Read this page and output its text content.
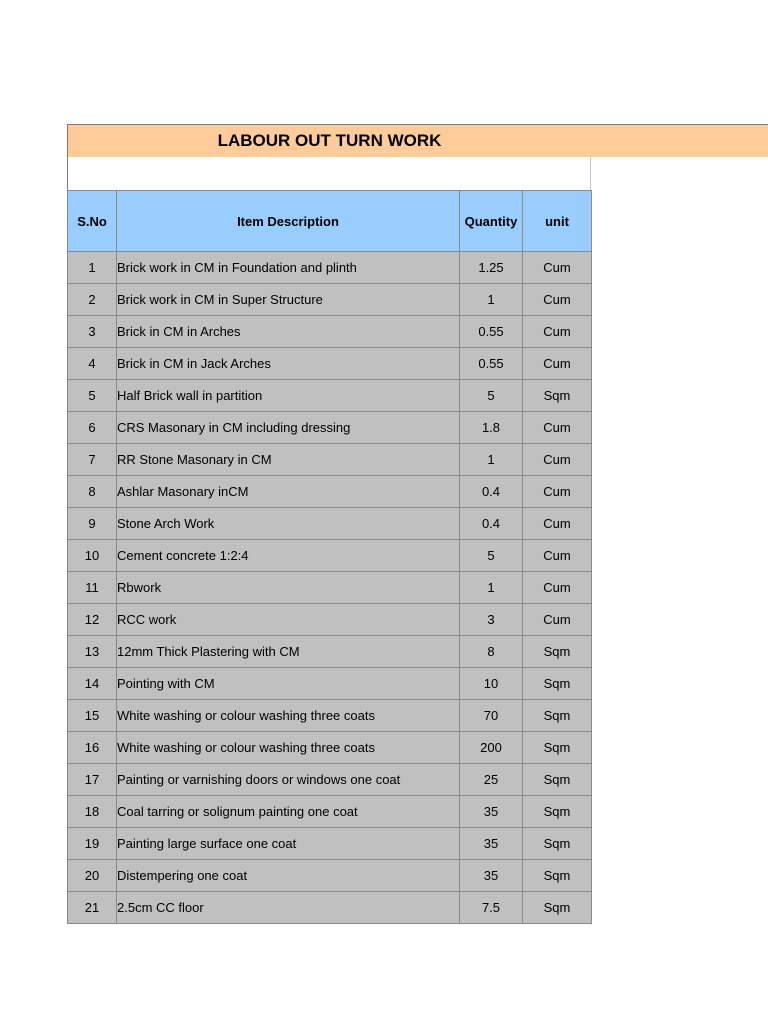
LABOUR OUT TURN WORK
S.No	Item Description	Quantity	unit
1	Brick work in CM in Foundation and plinth	1.25	Cum
2	Brick work in CM in Super Structure	1	Cum
3	Brick in CM in Arches	0.55	Cum
4	Brick in CM in Jack Arches	0.55	Cum
5	Half Brick wall in partition	5	Sqm
6	CRS Masonary in CM including dressing	1.8	Cum
7	RR Stone Masonary in CM	1	Cum
8	Ashlar Masonary inCM	0.4	Cum
9	Stone Arch Work	0.4	Cum
10	Cement concrete 1:2:4	5	Cum
11	Rbwork	1	Cum
12	RCC work	3	Cum
13	12mm Thick Plastering with CM	8	Sqm
14	Pointing with CM	10	Sqm
15	White washing or colour washing three coats	70	Sqm
16	White washing or colour washing three coats	200	Sqm
17	Painting or varnishing doors or windows one coat	25	Sqm
18	Coal tarring or solignum painting one coat	35	Sqm
19	Painting large surface one coat	35	Sqm
20	Distempering one coat	35	Sqm
21	2.5cm CC floor	7.5	Sqm
